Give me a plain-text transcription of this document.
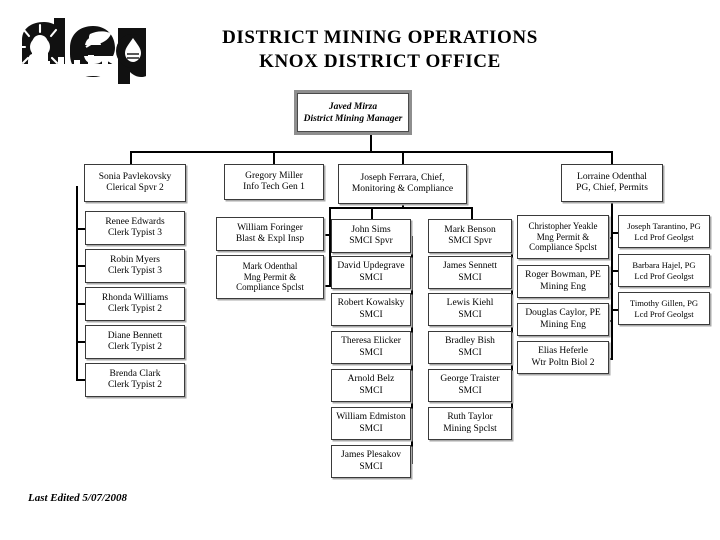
DISTRICT MINING OPERATIONS
KNOX DISTRICT OFFICE
Javed Mirza
District Mining Manager
Sonia Pavlekovsky
Clerical Spvr 2
Gregory Miller
Info Tech Gen 1
Joseph Ferrara, Chief,
Monitoring & Compliance
Lorraine Odenthal
PG, Chief, Permits
Renee Edwards
Clerk Typist 3
Robin Myers
Clerk Typist 3
Rhonda Williams
Clerk Typist 2
Diane Bennett
Clerk Typist 2
Brenda Clark
Clerk Typist 2
William Foringer
Blast & Expl Insp
Mark Odenthal
Mng Permit &
Compliance Spclst
John Sims
SMCI Spvr
David Updegrave
SMCI
Robert Kowalsky
SMCI
Theresa Elicker
SMCI
Arnold Belz
SMCI
William Edmiston
SMCI
James Plesakov
SMCI
Mark Benson
SMCI Spvr
James Sennett
SMCI
Lewis Kiehl
SMCI
Bradley Bish
SMCI
George Traister
SMCI
Ruth Taylor
Mining Spclst
Christopher Yeakle
Mng Permit &
Compliance Spclst
Roger Bowman, PE
Mining Eng
Douglas Caylor, PE
Mining Eng
Elias Heferle
Wtr Poltn Biol 2
Joseph Tarantino, PG
Lcd Prof Geolgst
Barbara Hajel, PG
Lcd Prof Geolgst
Timothy Gillen, PG
Lcd Prof Geolgst
Last Edited 5/07/2008
